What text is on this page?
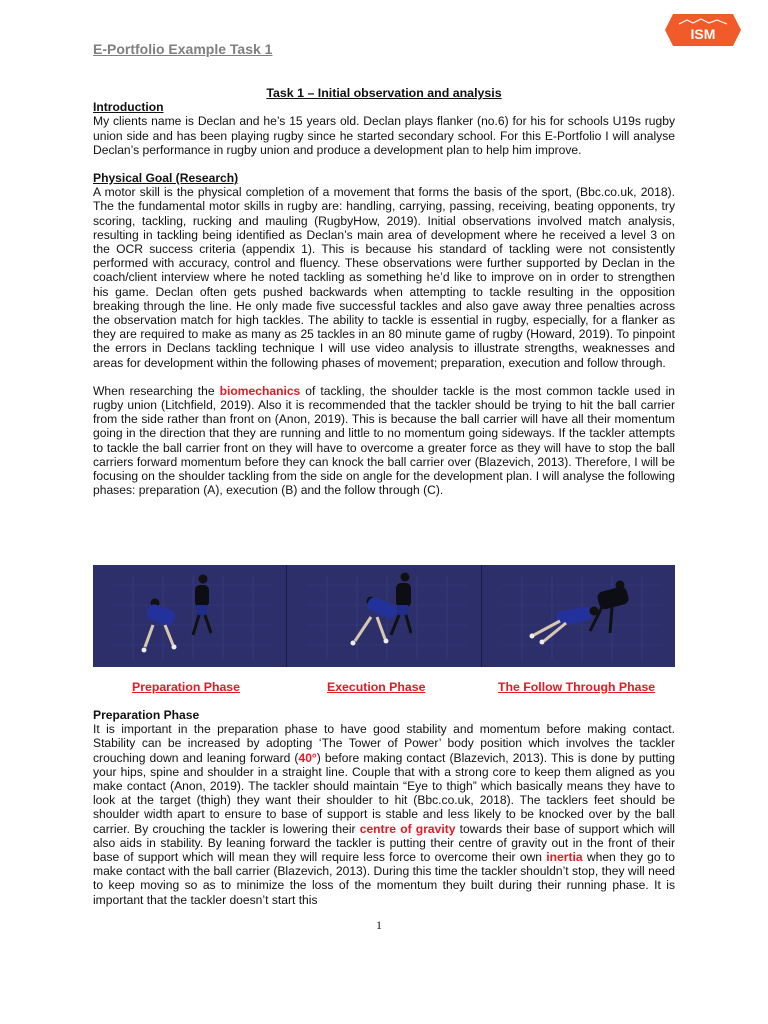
E-Portfolio Example Task 1
ISM

Task 1 – Initial observation and analysis

Introduction

My clients name is Declan and he’s 15 years old. Declan plays flanker (no.6) for his for schools U19s rugby union side and has been playing rugby since he started secondary school. For this E-Portfolio I will analyse Declan’s performance in rugby union and produce a development plan to help him improve.

Physical Goal (Research)

A motor skill is the physical completion of a movement that forms the basis of the sport, (Bbc.co.uk, 2018). The the fundamental motor skills in rugby are: handling, carrying, passing, receiving, beating opponents, try scoring, tackling, rucking and mauling (RugbyHow, 2019). Initial observations involved match analysis, resulting in tackling being identified as Declan’s main area of development where he received a level 3 on the OCR success criteria (appendix 1). This is because his standard of tackling were not consistently performed with accuracy, control and fluency. These observations were further supported by Declan in the coach/client interview where he noted tackling as something he’d like to improve on in order to strengthen his game. Declan often gets pushed backwards when attempting to tackle resulting in the opposition breaking through the line. He only made five successful tackles and also gave away three penalties across the observation match for high tackles. The ability to tackle is essential in rugby, especially, for a flanker as they are required to make as many as 25 tackles in an 80 minute game of rugby (Howard, 2019). To pinpoint the errors in Declans tackling technique I will use video analysis to illustrate strengths, weaknesses and areas for development within the following phases of movement; preparation, execution and follow through.

When researching the biomechanics of tackling, the shoulder tackle is the most common tackle used in rugby union (Litchfield, 2019). Also it is recommended that the tackler should be trying to hit the ball carrier from the side rather than front on (Anon, 2019). This is because the ball carrier will have all their momentum going in the direction that they are running and little to no momentum going sideways. If the tackler attempts to tackle the ball carrier front on they will have to overcome a greater force as they will have to stop the ball carriers forward momentum before they can knock the ball carrier over (Blazevich, 2013). Therefore, I will be focusing on the shoulder tackling from the side on angle for the development plan. I will analyse the following phases: preparation (A), execution (B) and the follow through (C).

Preparation Phase	Execution Phase	The Follow Through Phase

Preparation Phase

It is important in the preparation phase to have good stability and momentum before making contact. Stability can be increased by adopting ‘The Tower of Power’ body position which involves the tackler crouching down and leaning forward (40°) before making contact (Blazevich, 2013). This is done by putting your hips, spine and shoulder in a straight line. Couple that with a strong core to keep them aligned as you make contact (Anon, 2019). The tackler should maintain “Eye to thigh” which basically means they have to look at the target (thigh) they want their shoulder to hit (Bbc.co.uk, 2018). The tacklers feet should be shoulder width apart to ensure to base of support is stable and less likely to be knocked over by the ball carrier. By crouching the tackler is lowering their centre of gravity towards their base of support which will also aids in stability. By leaning forward the tackler is putting their centre of gravity out in the front of their base of support which will mean they will require less force to overcome their own inertia when they go to make contact with the ball carrier (Blazevich, 2013). During this time the tackler shouldn’t stop, they will need to keep moving so as to minimize the loss of the momentum they built during their running phase. It is important that the tackler doesn’t start this

1
